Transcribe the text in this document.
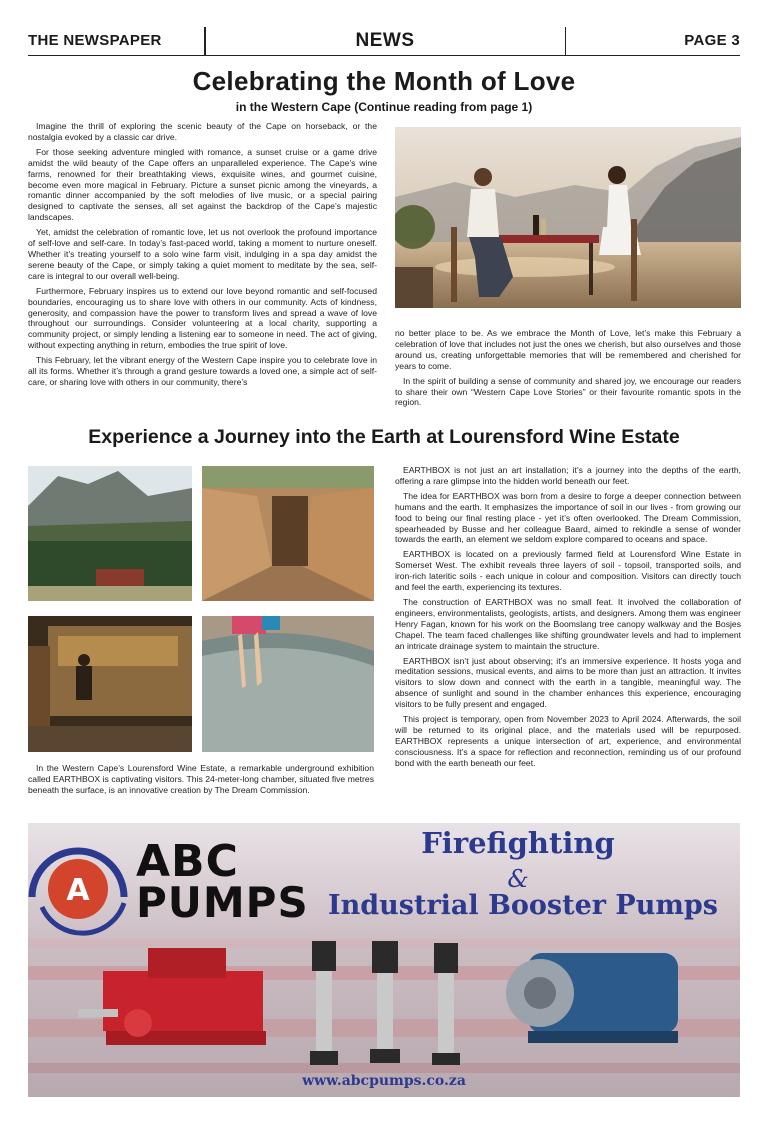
THE NEWSPAPER	NEWS	PAGE 3
Celebrating the Month of Love
in the Western Cape (Continue reading from page 1)

Imagine the thrill of exploring the scenic beauty of the Cape on horseback, or the nostalgia evoked by a classic car drive.

For those seeking adventure mingled with romance, a sunset cruise or a game drive amidst the wild beauty of the Cape offers an unparalleled experience. The Cape’s wine farms, renowned for their breathtaking views, exquisite wines, and gourmet cuisine, become even more magical in February. Picture a sunset picnic among the vineyards, a romantic dinner accompanied by the soft melodies of live music, or a special pairing designed to captivate the senses, all set against the backdrop of the Cape’s majestic landscapes.

Yet, amidst the celebration of romantic love, let us not overlook the profound importance of self-love and self-care. In today’s fast-paced world, taking a moment to nurture oneself. Whether it’s treating yourself to a solo wine farm visit, indulging in a spa day amidst the serene beauty of the Cape, or simply taking a quiet moment to meditate by the sea, self-care is integral to our overall well-being.

Furthermore, February inspires us to extend our love beyond romantic and self-focused boundaries, encouraging us to share love with others in our community. Acts of kindness, generosity, and compassion have the power to transform lives and spread a wave of love throughout our surroundings. Consider volunteering at a local charity, supporting a community project, or simply lending a listening ear to someone in need. The act of giving, without expecting anything in return, embodies the true spirit of love.

This February, let the vibrant energy of the Western Cape inspire you to celebrate love in all its forms. Whether it’s through a grand gesture towards a loved one, a simple act of self-care, or sharing love with others in our community, there’s

no better place to be. As we embrace the Month of Love, let’s make this February a celebration of love that includes not just the ones we cherish, but also ourselves and those around us, creating unforgettable memories that will be remembered and cherished for years to come.

In the spirit of building a sense of community and shared joy, we encourage our readers to share their own “Western Cape Love Stories” or their favourite romantic spots in the region.

Experience a Journey into the Earth at Lourensford Wine Estate

In the Western Cape’s Lourensford Wine Estate, a remarkable underground exhibition called EARTHBOX is captivating visitors. This 24-meter-long chamber, situated five metres beneath the surface, is an innovative creation by The Dream Commission.

EARTHBOX is not just an art installation; it’s a journey into the depths of the earth, offering a rare glimpse into the hidden world beneath our feet.

The idea for EARTHBOX was born from a desire to forge a deeper connection between humans and the earth. It emphasizes the importance of soil in our lives - from growing our food to being our final resting place - yet it’s often overlooked. The Dream Commission, spearheaded by Busse and her colleague Baard, aimed to rekindle a sense of wonder towards the earth, an element we seldom explore compared to oceans and space.

EARTHBOX is located on a previously farmed field at Lourensford Wine Estate in Somerset West. The exhibit reveals three layers of soil - topsoil, transported soils, and iron-rich lateritic soils - each unique in colour and composition. Visitors can directly touch and feel the earth, experiencing its textures.

The construction of EARTHBOX was no small feat. It involved the collaboration of engineers, environmentalists, geologists, artists, and designers. Among them was engineer Henry Fagan, known for his work on the Boomslang tree canopy walkway and the Bosjes Chapel. The team faced challenges like shifting groundwater levels and had to implement an intricate drainage system to maintain the structure.

EARTHBOX isn’t just about observing; it’s an immersive experience. It hosts yoga and meditation sessions, musical events, and aims to be more than just an attraction. It invites visitors to slow down and connect with the earth in a tangible, meaningful way. The absence of sunlight and sound in the chamber enhances this experience, encouraging visitors to be fully present and engaged.

This project is temporary, open from November 2023 to April 2024. Afterwards, the soil will be returned to its original place, and the materials used will be repurposed. EARTHBOX represents a unique intersection of art, experience, and environmental consciousness. It’s a space for reflection and reconnection, reminding us of our profound bond with the earth beneath our feet.

A
ABC
PUMPS
Firefighting
&
Industrial Booster Pumps
www.abcpumps.co.za
